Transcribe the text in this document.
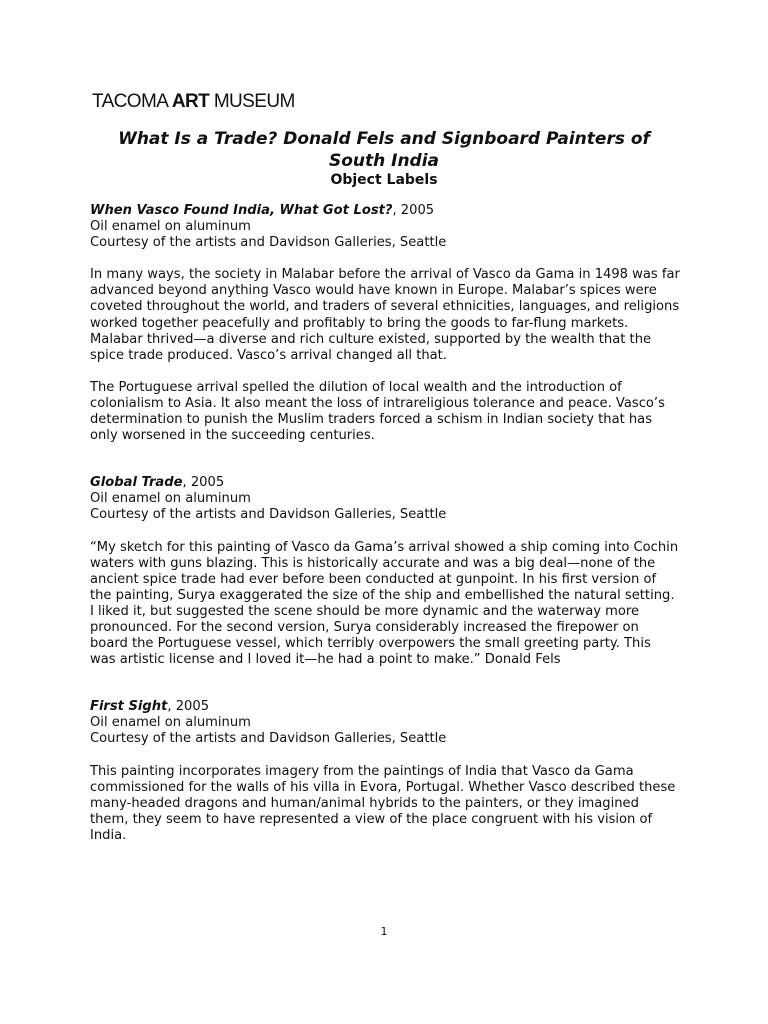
TACOMA ART MUSEUM
What Is a Trade? Donald Fels and Signboard Painters of South India
Object Labels

When Vasco Found India, What Got Lost?, 2005

Oil enamel on aluminum

Courtesy of the artists and Davidson Galleries, Seattle

In many ways, the society in Malabar before the arrival of Vasco da Gama in 1498 was far advanced beyond anything Vasco would have known in Europe. Malabar’s spices were coveted throughout the world, and traders of several ethnicities, languages, and religions worked together peacefully and profitably to bring the goods to far-flung markets. Malabar thrived—a diverse and rich culture existed, supported by the wealth that the spice trade produced. Vasco’s arrival changed all that.

The Portuguese arrival spelled the dilution of local wealth and the introduction of colonialism to Asia. It also meant the loss of intrareligious tolerance and peace. Vasco’s determination to punish the Muslim traders forced a schism in Indian society that has only worsened in the succeeding centuries.

Global Trade, 2005

Oil enamel on aluminum

Courtesy of the artists and Davidson Galleries, Seattle

“My sketch for this painting of Vasco da Gama’s arrival showed a ship coming into Cochin waters with guns blazing. This is historically accurate and was a big deal—none of the ancient spice trade had ever before been conducted at gunpoint. In his first version of the painting, Surya exaggerated the size of the ship and embellished the natural setting. I liked it, but suggested the scene should be more dynamic and the waterway more pronounced. For the second version, Surya considerably increased the firepower on board the Portuguese vessel, which terribly overpowers the small greeting party. This was artistic license and I loved it—he had a point to make.” Donald Fels

First Sight, 2005

Oil enamel on aluminum

Courtesy of the artists and Davidson Galleries, Seattle

This painting incorporates imagery from the paintings of India that Vasco da Gama commissioned for the walls of his villa in Evora, Portugal. Whether Vasco described these many-headed dragons and human/animal hybrids to the painters, or they imagined them, they seem to have represented a view of the place congruent with his vision of India.

1
